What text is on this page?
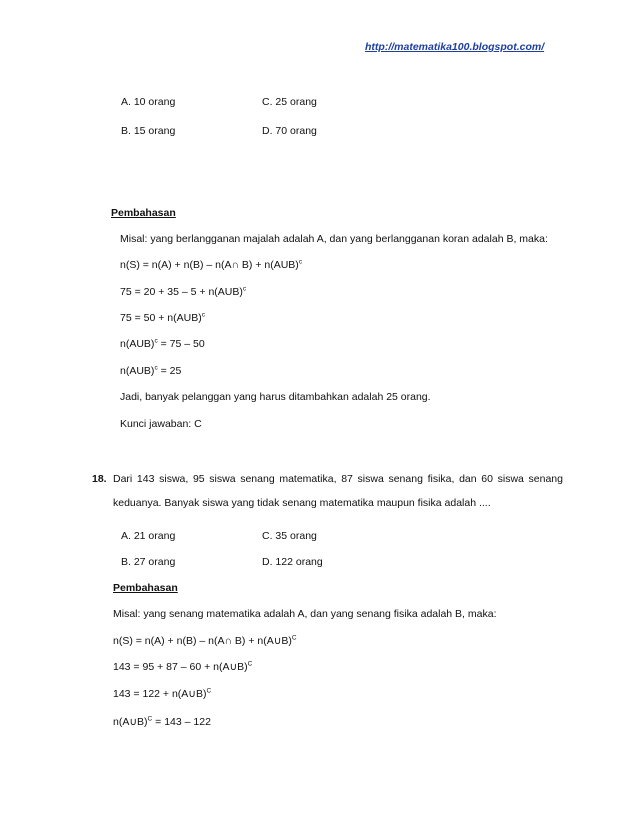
http://matematika100.blogspot.com/
A. 10 orang	C. 25 orang
B. 15 orang	D. 70 orang
Pembahasan
Misal: yang berlangganan majalah adalah A, dan yang berlangganan koran adalah B, maka:
n(S) = n(A) + n(B) – n(A∩ B) + n(AUB)$^c$
75 = 20 + 35 – 5 + n(AUB)$^c$
75 = 50 + n(AUB)$^c$
n(AUB)$^c$ = 75 – 50
n(AUB)$^c$ = 25
Jadi, banyak pelanggan yang harus ditambahkan adalah 25 orang.
Kunci jawaban: C
18. Dari 143 siswa, 95 siswa senang matematika, 87 siswa senang fisika, dan 60 siswa senang
keduanya. Banyak siswa yang tidak senang matematika maupun fisika adalah ....
A. 21 orang	C. 35 orang
B. 27 orang	D. 122 orang
Pembahasan
Misal: yang senang matematika adalah A, dan yang senang fisika adalah B, maka:
n(S) = n(A) + n(B) – n(A∩ B) + n(A∪B)$^C$
143 = 95 + 87 – 60 + n(A∪B)$^C$
143 = 122 + n(A∪B)$^C$
n(A∪B)$^C$ = 143 – 122
